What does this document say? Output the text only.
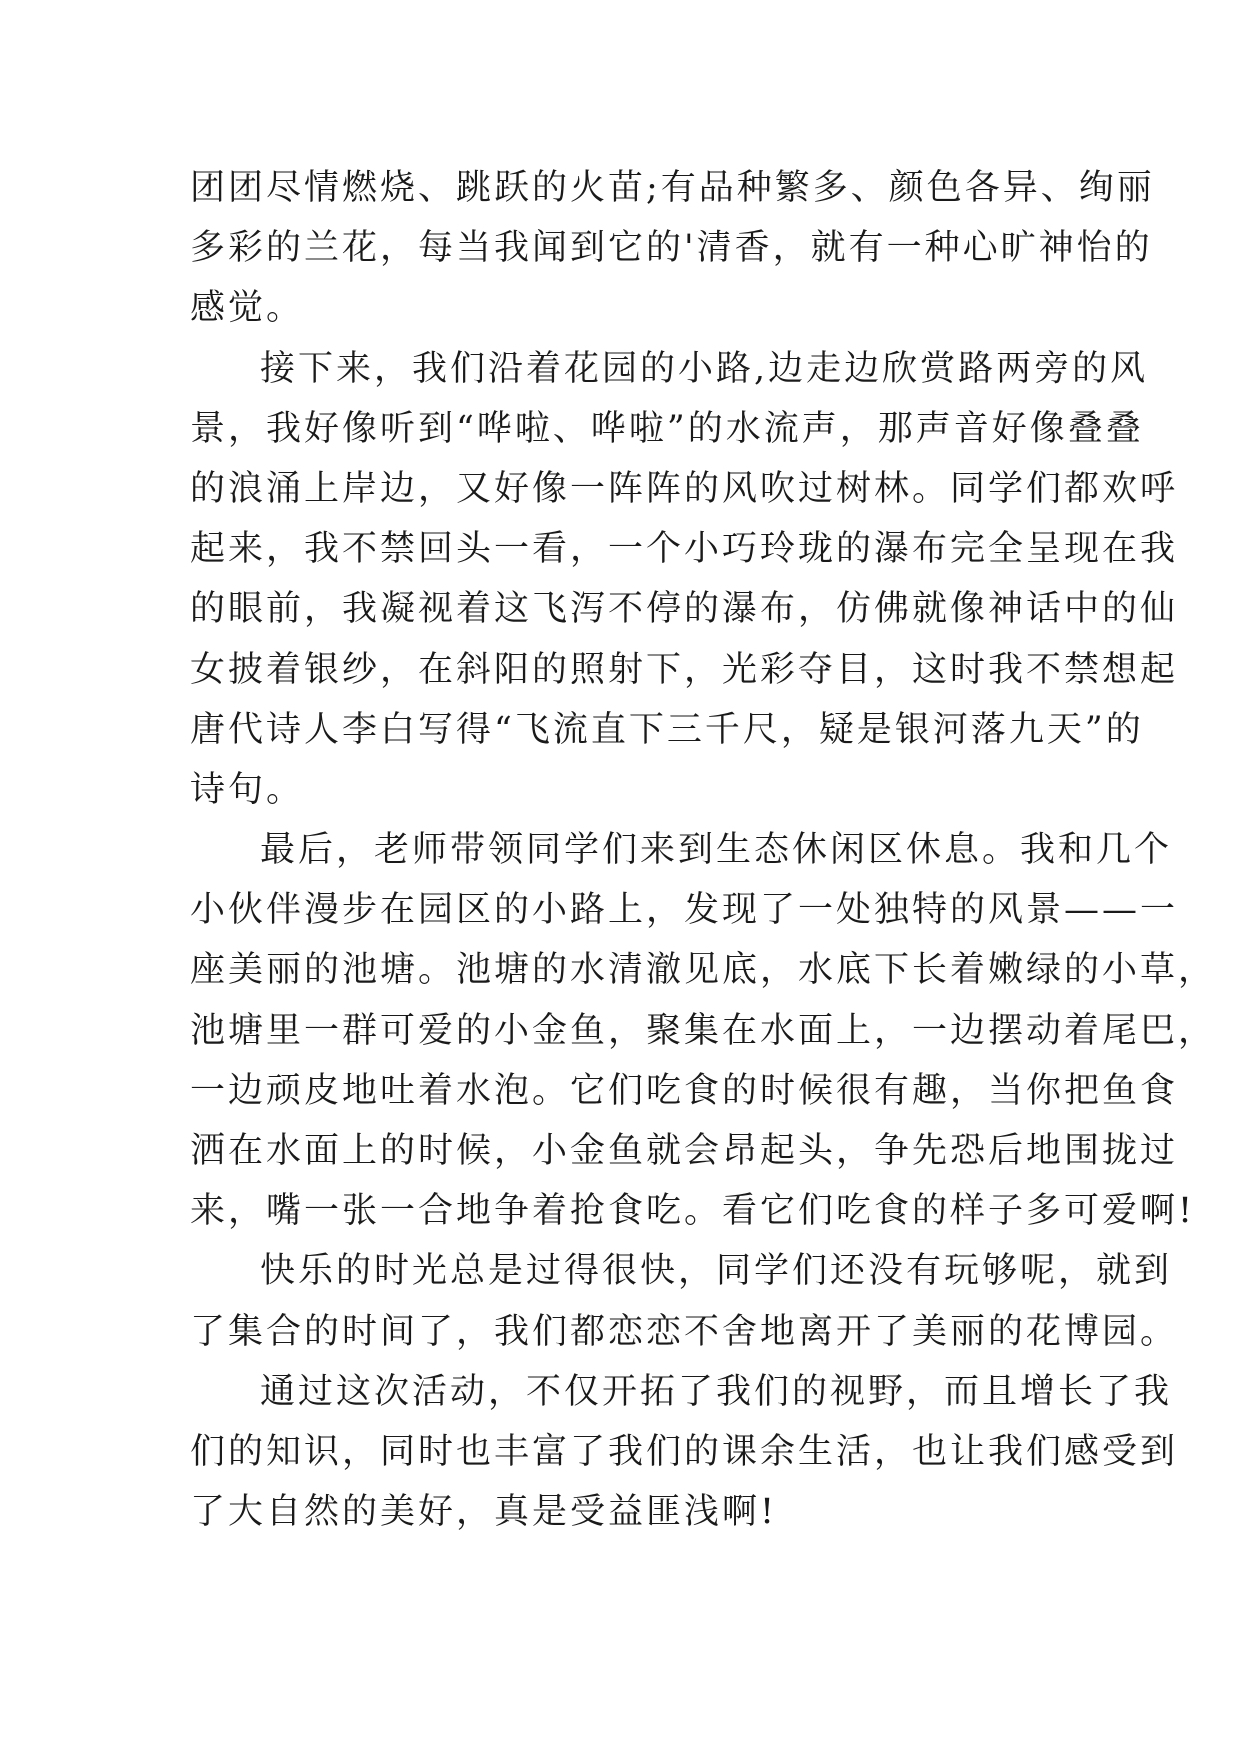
团团尽情燃烧、跳跃的火苗;有品种繁多、颜色各异、绚丽
多彩的兰花，每当我闻到它的'清香，就有一种心旷神怡的
感觉。
接下来，我们沿着花园的小路,边走边欣赏路两旁的风
景，我好像听到“哗啦、哗啦”的水流声，那声音好像叠叠
的浪涌上岸边，又好像一阵阵的风吹过树林。同学们都欢呼
起来，我不禁回头一看，一个小巧玲珑的瀑布完全呈现在我
的眼前，我凝视着这飞泻不停的瀑布，仿佛就像神话中的仙
女披着银纱，在斜阳的照射下，光彩夺目，这时我不禁想起
唐代诗人李白写得“飞流直下三千尺，疑是银河落九天”的
诗句。
最后，老师带领同学们来到生态休闲区休息。我和几个
小伙伴漫步在园区的小路上，发现了一处独特的风景——一
座美丽的池塘。池塘的水清澈见底，水底下长着嫩绿的小草，
池塘里一群可爱的小金鱼，聚集在水面上，一边摆动着尾巴，
一边顽皮地吐着水泡。它们吃食的时候很有趣，当你把鱼食
洒在水面上的时候，小金鱼就会昂起头，争先恐后地围拢过
来，嘴一张一合地争着抢食吃。看它们吃食的样子多可爱啊!
快乐的时光总是过得很快，同学们还没有玩够呢，就到
了集合的时间了，我们都恋恋不舍地离开了美丽的花博园。
通过这次活动，不仅开拓了我们的视野，而且增长了我
们的知识，同时也丰富了我们的课余生活，也让我们感受到
了大自然的美好，真是受益匪浅啊!
